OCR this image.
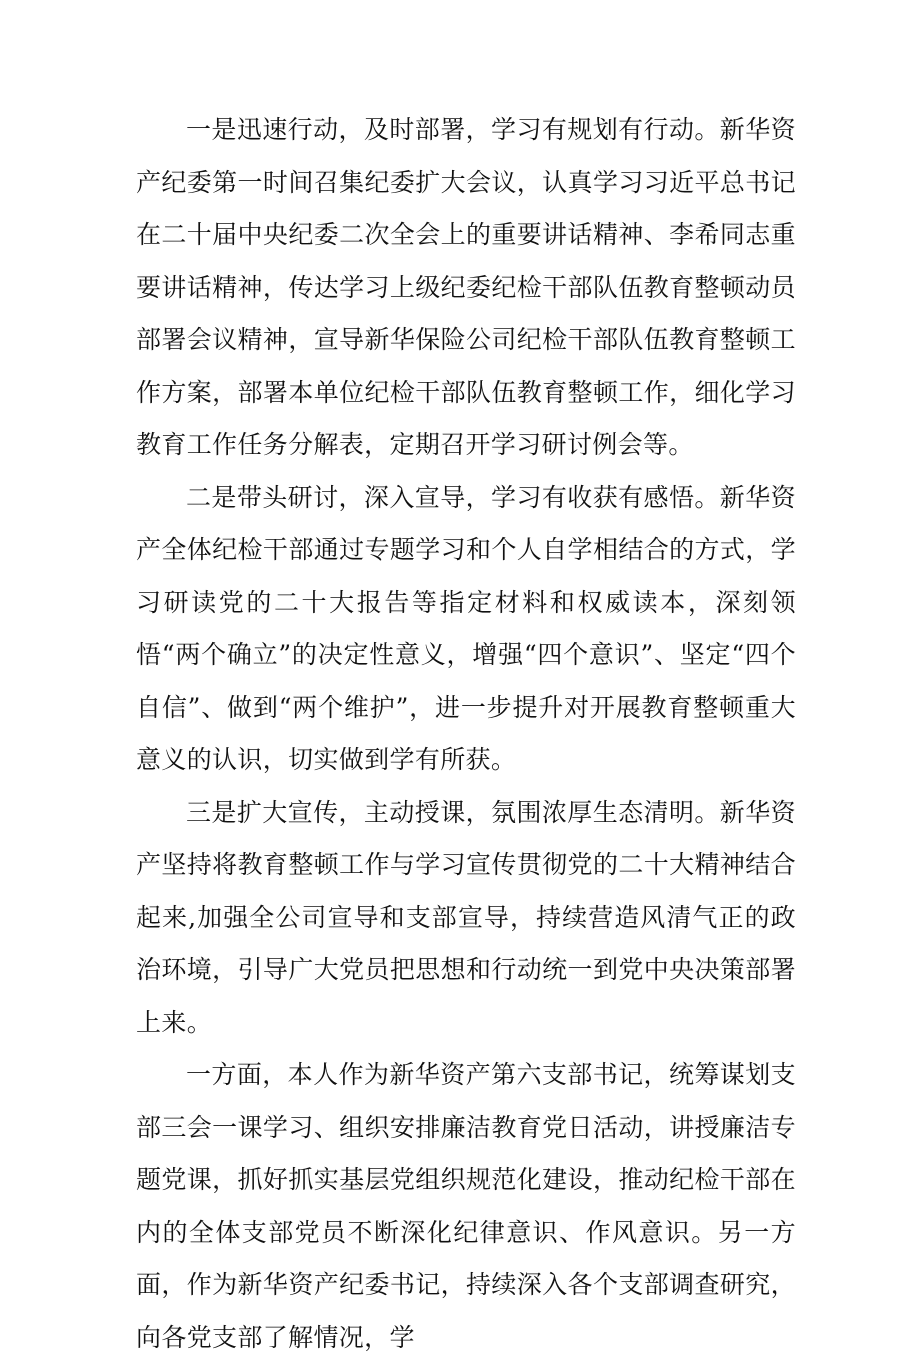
一是迅速行动，及时部署，学习有规划有行动。新华资产纪委第一时间召集纪委扩大会议，认真学习习近平总书记在二十届中央纪委二次全会上的重要讲话精神、李希同志重要讲话精神，传达学习上级纪委纪检干部队伍教育整顿动员部署会议精神，宣导新华保险公司纪检干部队伍教育整顿工作方案，部署本单位纪检干部队伍教育整顿工作，细化学习教育工作任务分解表，定期召开学习研讨例会等。

二是带头研讨，深入宣导，学习有收获有感悟。新华资产全体纪检干部通过专题学习和个人自学相结合的方式，学习研读党的二十大报告等指定材料和权威读本，深刻领悟“两个确立”的决定性意义，增强“四个意识”、坚定“四个自信”、做到“两个维护”，进一步提升对开展教育整顿重大意义的认识，切实做到学有所获。

三是扩大宣传，主动授课，氛围浓厚生态清明。新华资产坚持将教育整顿工作与学习宣传贯彻党的二十大精神结合起来,加强全公司宣导和支部宣导，持续营造风清气正的政治环境，引导广大党员把思想和行动统一到党中央决策部署上来。

一方面，本人作为新华资产第六支部书记，统筹谋划支部三会一课学习、组织安排廉洁教育党日活动，讲授廉洁专题党课，抓好抓实基层党组织规范化建设，推动纪检干部在内的全体支部党员不断深化纪律意识、作风意识。另一方面，作为新华资产纪委书记，持续深入各个支部调查研究，向各党支部了解情况，学
